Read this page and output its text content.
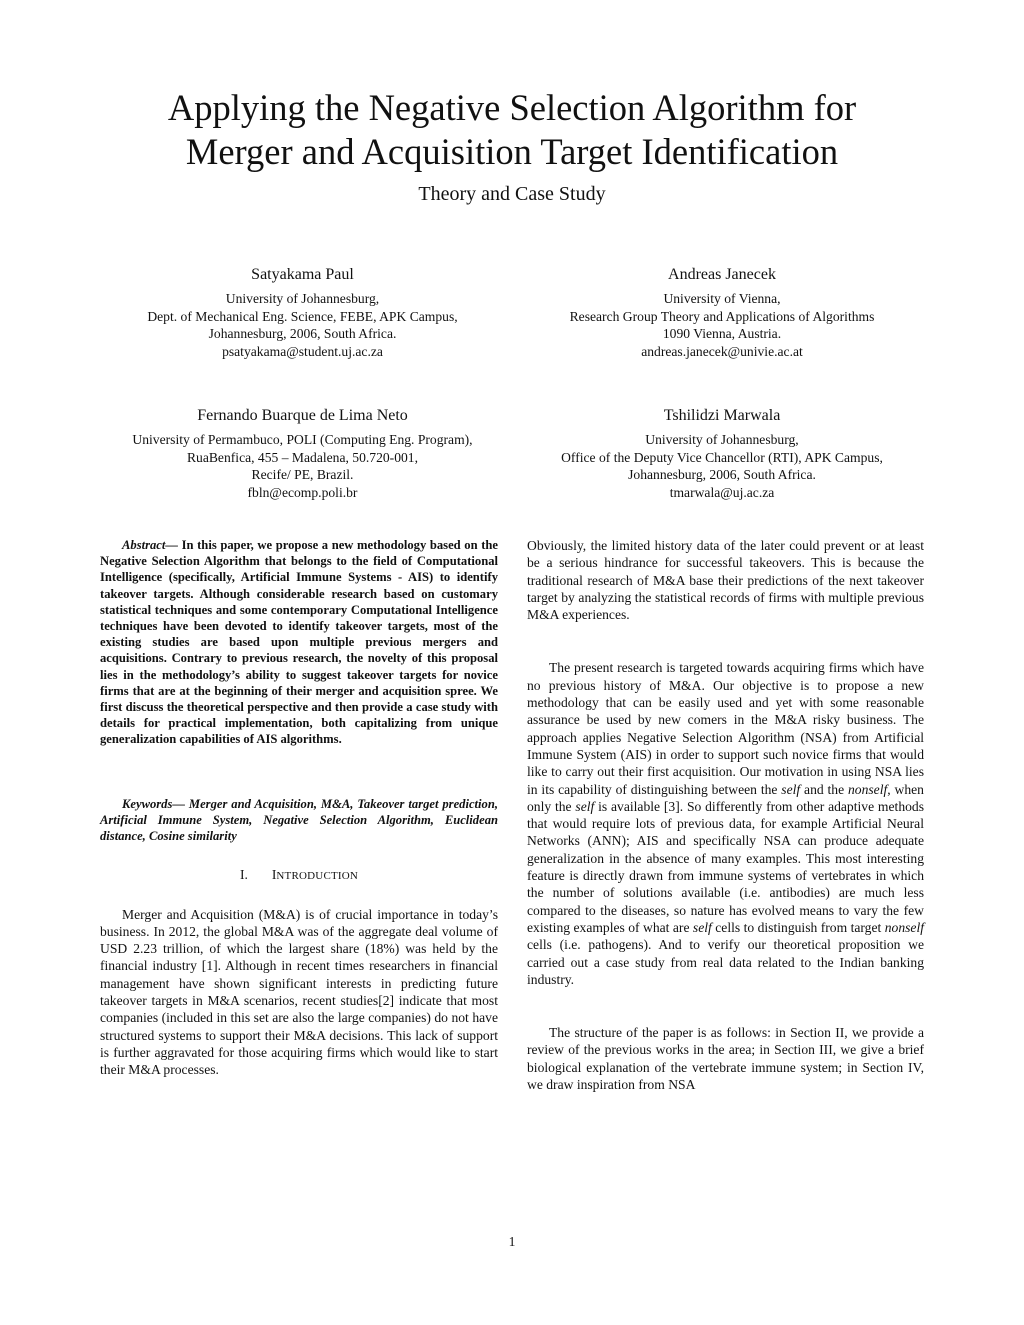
Applying the Negative Selection Algorithm for
Merger and Acquisition Target Identification
Theory and Case Study
Satyakama Paul
University of Johannesburg,
Dept. of Mechanical Eng. Science, FEBE, APK Campus,
Johannesburg, 2006, South Africa.
psatyakama@student.uj.ac.za
Andreas Janecek
University of Vienna,
Research Group Theory and Applications of Algorithms
1090 Vienna, Austria.
andreas.janecek@univie.ac.at
Fernando Buarque de Lima Neto
University of Permambuco, POLI (Computing Eng. Program),
RuaBenfica, 455 – Madalena, 50.720-001,
Recife/ PE, Brazil.
fbln@ecomp.poli.br
Tshilidzi Marwala
University of Johannesburg,
Office of the Deputy Vice Chancellor (RTI), APK Campus,
Johannesburg, 2006, South Africa.
tmarwala@uj.ac.za

Abstract— In this paper, we propose a new methodology based on the Negative Selection Algorithm that belongs to the field of Computational Intelligence (specifically, Artificial Immune Systems - AIS) to identify takeover targets. Although considerable research based on customary statistical techniques and some contemporary Computational Intelligence techniques have been devoted to identify takeover targets, most of the existing studies are based upon multiple previous mergers and acquisitions. Contrary to previous research, the novelty of this proposal lies in the methodology’s ability to suggest takeover targets for novice firms that are at the beginning of their merger and acquisition spree. We first discuss the theoretical perspective and then provide a case study with details for practical implementation, both capitalizing from unique generalization capabilities of AIS algorithms.

Keywords— Merger and Acquisition, M&A, Takeover target prediction, Artificial Immune System, Negative Selection Algorithm, Euclidean distance, Cosine similarity

I. INTRODUCTION

Merger and Acquisition (M&A) is of crucial importance in today’s business. In 2012, the global M&A was of the aggregate deal volume of USD 2.23 trillion, of which the largest share (18%) was held by the financial industry [1]. Although in recent times researchers in financial management have shown significant interests in predicting future takeover targets in M&A scenarios, recent studies[2] indicate that most companies (included in this set are also the large companies) do not have structured systems to support their M&A decisions. This lack of support is further aggravated for those acquiring firms which would like to start their M&A processes.

Obviously, the limited history data of the later could prevent or at least be a serious hindrance for successful takeovers. This is because the traditional research of M&A base their predictions of the next takeover target by analyzing the statistical records of firms with multiple previous M&A experiences.

The present research is targeted towards acquiring firms which have no previous history of M&A. Our objective is to propose a new methodology that can be easily used and yet with some reasonable assurance be used by new comers in the M&A risky business. The approach applies Negative Selection Algorithm (NSA) from Artificial Immune System (AIS) in order to support such novice firms that would like to carry out their first acquisition. Our motivation in using NSA lies in its capability of distinguishing between the self and the nonself, when only the self is available [3]. So differently from other adaptive methods that would require lots of previous data, for example Artificial Neural Networks (ANN); AIS and specifically NSA can produce adequate generalization in the absence of many examples. This most interesting feature is directly drawn from immune systems of vertebrates in which the number of solutions available (i.e. antibodies) are much less compared to the diseases, so nature has evolved means to vary the few existing examples of what are self cells to distinguish from target nonself cells (i.e. pathogens). And to verify our theoretical proposition we carried out a case study from real data related to the Indian banking industry.

The structure of the paper is as follows: in Section II, we provide a review of the previous works in the area; in Section III, we give a brief biological explanation of the vertebrate immune system; in Section IV, we draw inspiration from NSA

1
